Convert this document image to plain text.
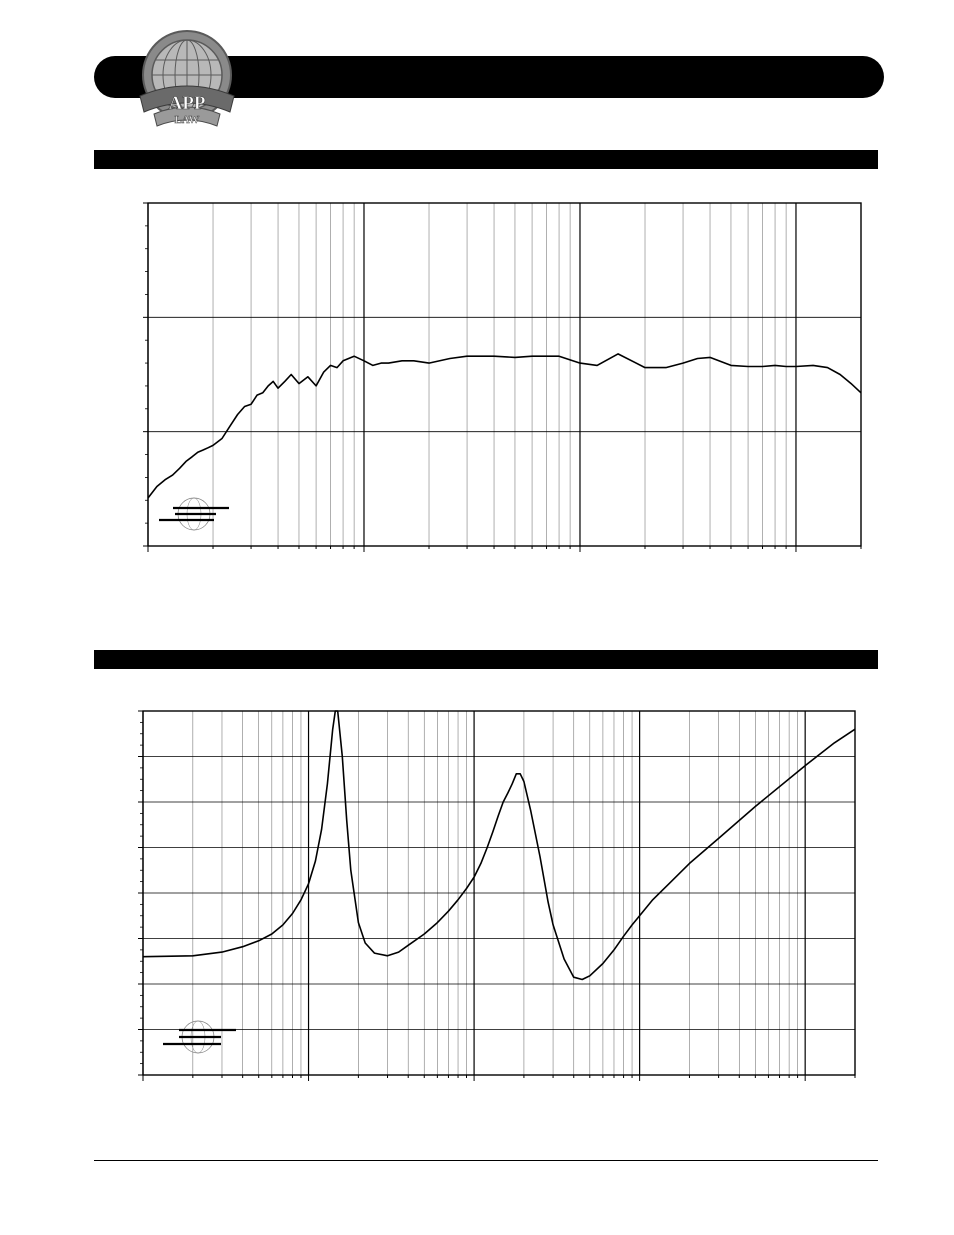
APP
LAW
